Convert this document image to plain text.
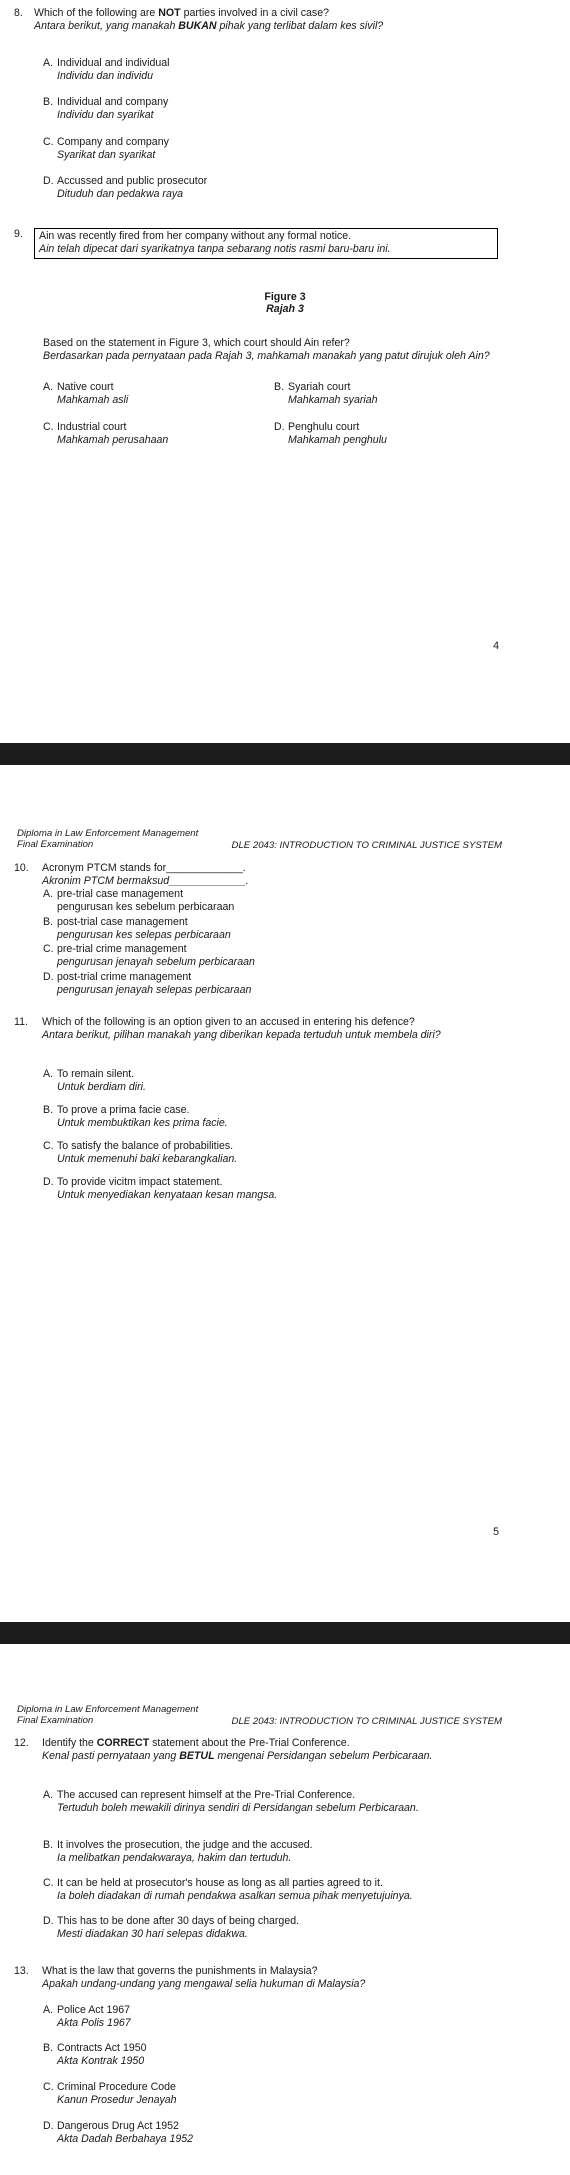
8.	Which of the following are NOT parties involved in a civil case?
Antara berikut, yang manakah BUKAN pihak yang terlibat dalam kes sivil?
A. Individual and individual
Individu dan individu
B. Individual and company
Individu dan syarikat
C. Company and company
Syarikat dan syarikat
D. Accussed and public prosecutor
Dituduh dan pedakwa raya
9.	Ain was recently fired from her company without any formal notice.
Ain telah dipecat dari syarikatnya tanpa sebarang notis rasmi baru-baru ini.
Figure 3
Rajah 3
Based on the statement in Figure 3, which court should Ain refer?
Berdasarkan pada pernyataan pada Rajah 3, mahkamah manakah yang patut dirujuk oleh Ain?
A. Native court
Mahkamah asli
B. Syariah court
Mahkamah syariah
C. Industrial court
Mahkamah perusahaan
D. Penghulu court
Mahkamah penghulu
4
Diploma in Law Enforcement Management
Final Examination	DLE 2043: INTRODUCTION TO CRIMINAL JUSTICE SYSTEM
10.	Acronym PTCM stands for_____________.
Akronim PTCM bermaksud_____________.
A. pre-trial case management
pengurusan kes sebelum perbicaraan
B. post-trial case management
pengurusan kes selepas perbicaraan
C. pre-trial crime management
pengurusan jenayah sebelum perbicaraan
D. post-trial crime management
pengurusan jenayah selepas perbicaraan
11.	Which of the following is an option given to an accused in entering his defence?
Antara berikut, pilihan manakah yang diberikan kepada tertuduh untuk membela diri?
A. To remain silent.
Untuk berdiam diri.
B. To prove a prima facie case.
Untuk membuktikan kes prima facie.
C. To satisfy the balance of probabilities.
Untuk memenuhi baki kebarangkalian.
D. To provide vicitm impact statement.
Untuk menyediakan kenyataan kesan mangsa.
5
Diploma in Law Enforcement Management
Final Examination	DLE 2043: INTRODUCTION TO CRIMINAL JUSTICE SYSTEM
12.	Identify the CORRECT statement about the Pre-Trial Conference.
Kenal pasti pernyataan yang BETUL mengenai Persidangan sebelum Perbicaraan.
A. The accused can represent himself at the Pre-Trial Conference.
Tertuduh boleh mewakili dirinya sendiri di Persidangan sebelum Perbicaraan.
B. It involves the prosecution, the judge and the accused.
Ia melibatkan pendakwaraya, hakim dan tertuduh.
C. It can be held at prosecutor's house as long as all parties agreed to it.
Ia boleh diadakan di rumah pendakwa asalkan semua pihak menyetujuinya.
D. This has to be done after 30 days of being charged.
Mesti diadakan 30 hari selepas didakwa.
13.	What is the law that governs the punishments in Malaysia?
Apakah undang-undang yang mengawal selia hukuman di Malaysia?
A. Police Act 1967
Akta Polis 1967
B. Contracts Act 1950
Akta Kontrak 1950
C. Criminal Procedure Code
Kanun Prosedur Jenayah
D. Dangerous Drug Act 1952
Akta Dadah Berbahaya 1952
